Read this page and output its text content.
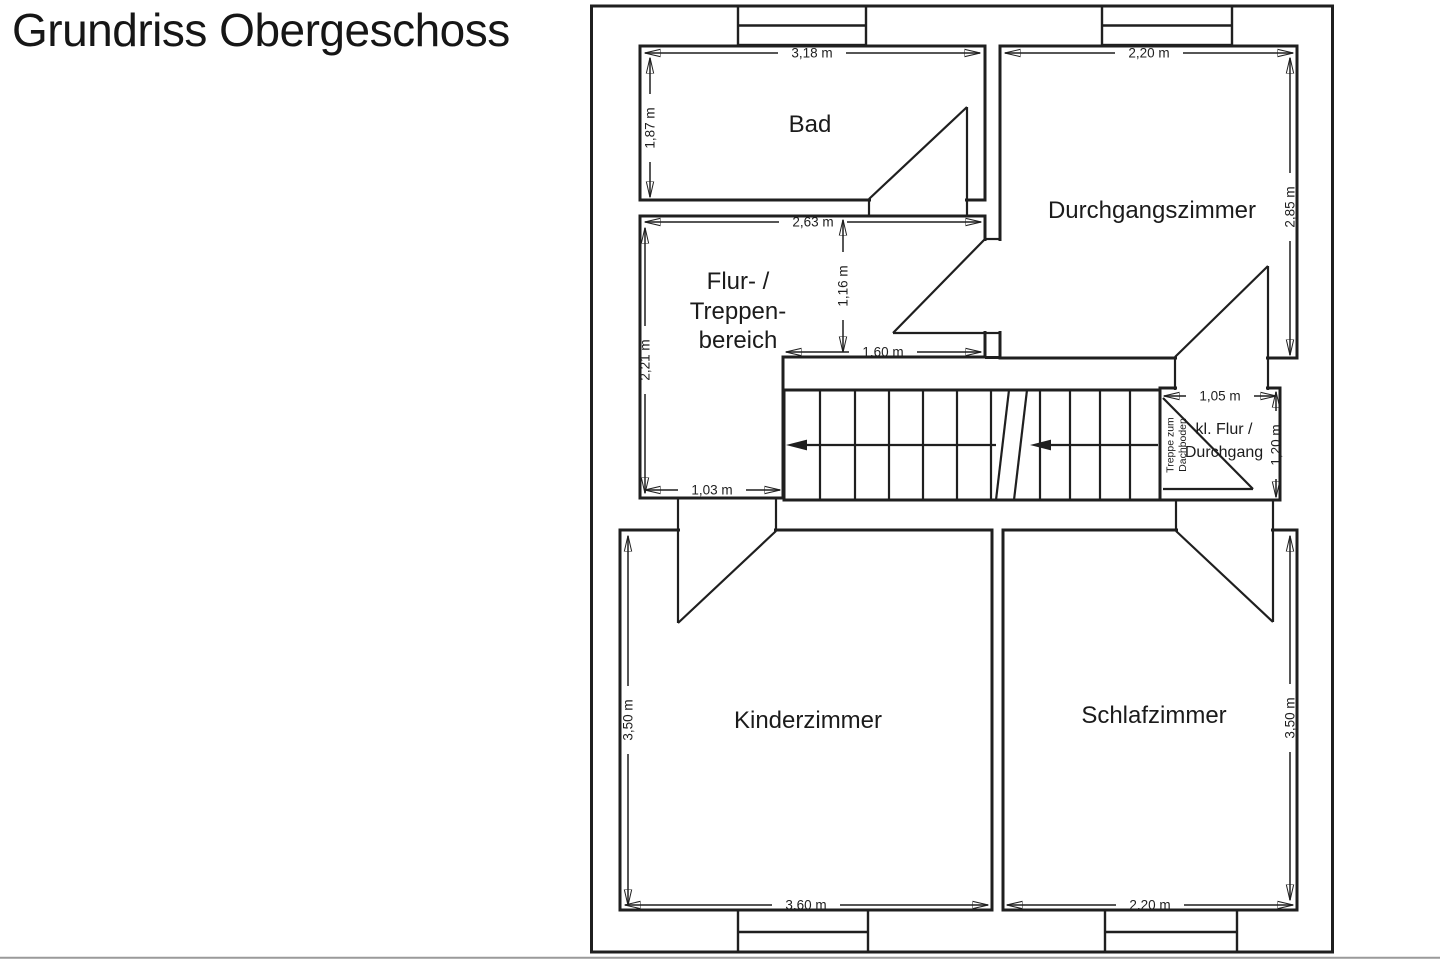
Grundriss Obergeschoss	3,18 m
1,87 m
2,20 m
2,85 m
2,63 m
2,21 m
1,16 m
1,60 m
1,03 m
1,05 m
1,20 m
3,50 m
3,60 m
3,50 m
2,20 m
Bad
Durchgangszimmer
Flur- /
Treppen-
bereich
kl. Flur /
Durchgang
Kinderzimmer	Schlafzimmer
Treppe zum Dachboden
